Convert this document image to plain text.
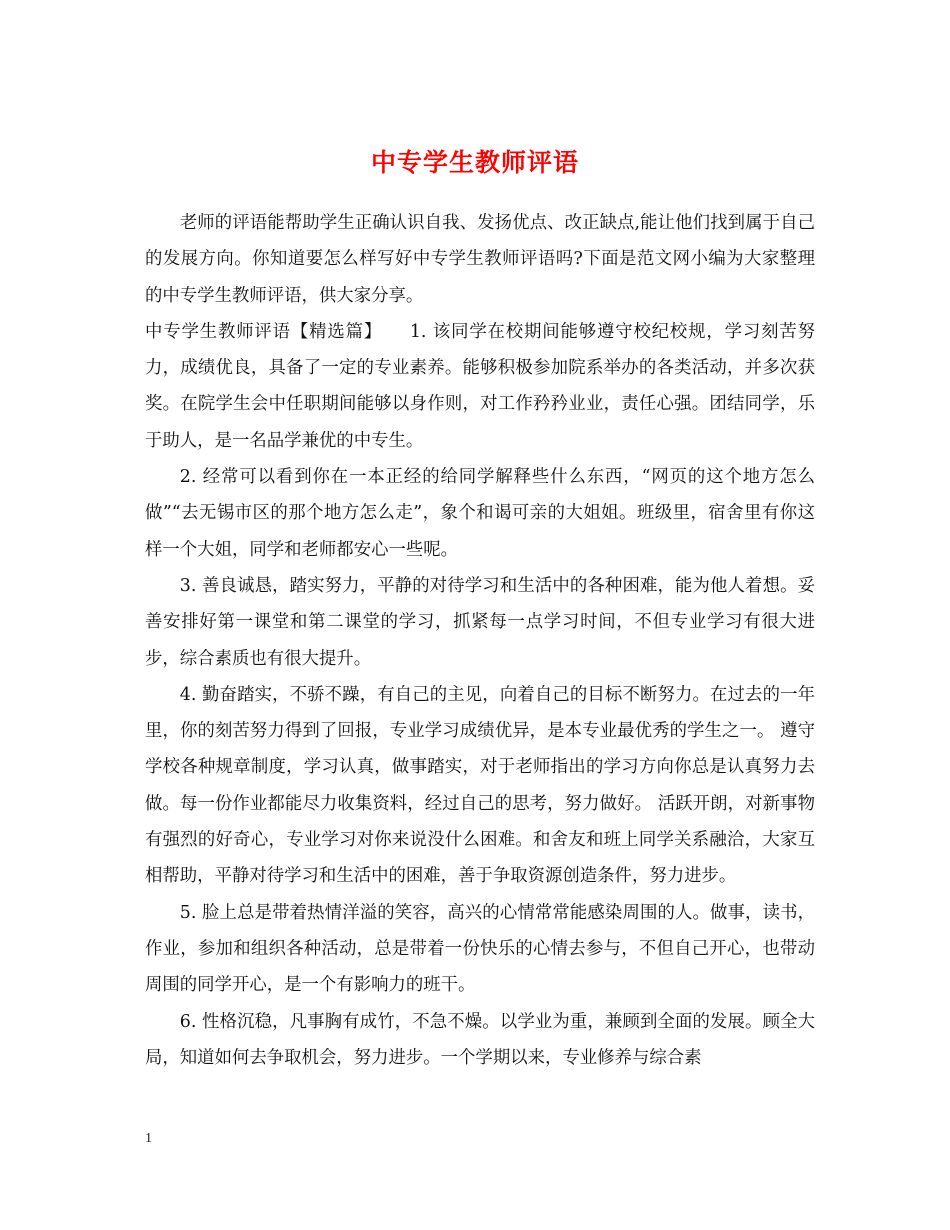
中专学生教师评语

老师的评语能帮助学生正确认识自我、发扬优点、改正缺点,能让他们找到属于自己的发展方向。你知道要怎么样写好中专学生教师评语吗?下面是范文网小编为大家整理的中专学生教师评语，供大家分享。

中专学生教师评语【精选篇】　　1. 该同学在校期间能够遵守校纪校规，学习刻苦努力，成绩优良，具备了一定的专业素养。能够积极参加院系举办的各类活动，并多次获奖。在院学生会中任职期间能够以身作则，对工作矜矜业业，责任心强。团结同学，乐于助人，是一名品学兼优的中专生。

2. 经常可以看到你在一本正经的给同学解释些什么东西，“网页的这个地方怎么做”“去无锡市区的那个地方怎么走”，象个和谒可亲的大姐姐。班级里，宿舍里有你这样一个大姐，同学和老师都安心一些呢。

3. 善良诚恳，踏实努力，平静的对待学习和生活中的各种困难，能为他人着想。妥善安排好第一课堂和第二课堂的学习，抓紧每一点学习时间，不但专业学习有很大进步，综合素质也有很大提升。

4. 勤奋踏实，不骄不躁，有自己的主见，向着自己的目标不断努力。在过去的一年里，你的刻苦努力得到了回报，专业学习成绩优异，是本专业最优秀的学生之一。 遵守学校各种规章制度，学习认真，做事踏实，对于老师指出的学习方向你总是认真努力去做。每一份作业都能尽力收集资料，经过自己的思考，努力做好。 活跃开朗，对新事物有强烈的好奇心，专业学习对你来说没什么困难。和舍友和班上同学关系融洽，大家互相帮助，平静对待学习和生活中的困难，善于争取资源创造条件，努力进步。

5. 脸上总是带着热情洋溢的笑容，高兴的心情常常能感染周围的人。做事，读书，作业，参加和组织各种活动，总是带着一份快乐的心情去参与，不但自己开心，也带动周围的同学开心，是一个有影响力的班干。

6. 性格沉稳，凡事胸有成竹，不急不燥。以学业为重，兼顾到全面的发展。顾全大局，知道如何去争取机会，努力进步。一个学期以来，专业修养与综合素

1
